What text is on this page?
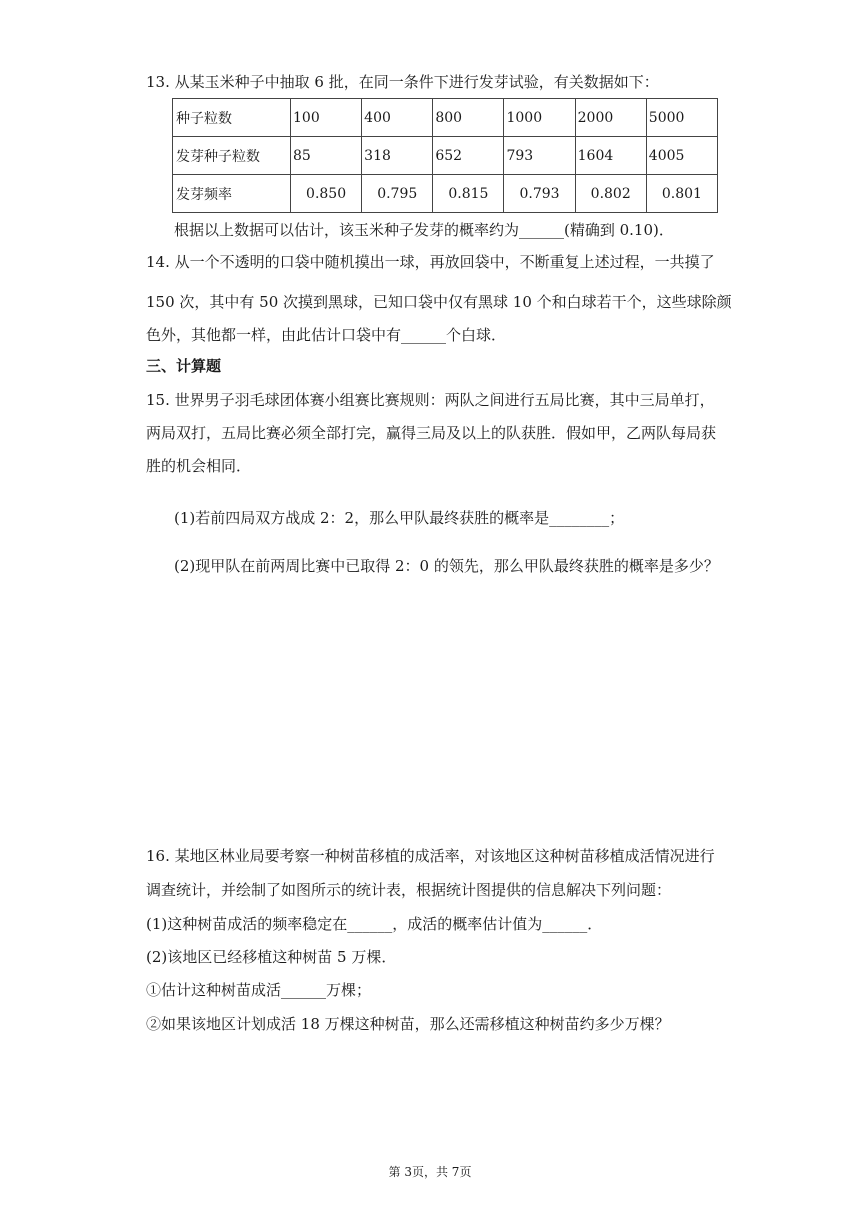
13. 从某玉米种子中抽取 6 批，在同一条件下进行发芽试验，有关数据如下：
种子粒数	100	400	800	1000	2000	5000
发芽种子粒数	85	318	652	793	1604	4005
发芽频率	0.850	0.795	0.815	0.793	0.802	0.801
根据以上数据可以估计，该玉米种子发芽的概率约为______(精确到 0.10)．
14. 从一个不透明的口袋中随机摸出一球，再放回袋中，不断重复上述过程，一共摸了
150 次，其中有 50 次摸到黑球，已知口袋中仅有黑球 10 个和白球若干个，这些球除颜
色外，其他都一样，由此估计口袋中有______个白球．
三、计算题
15. 世界男子羽毛球团体赛小组赛比赛规则：两队之间进行五局比赛，其中三局单打，
两局双打，五局比赛必须全部打完，赢得三局及以上的队获胜．假如甲，乙两队每局获
胜的机会相同．
(1)若前四局双方战成 2：2，那么甲队最终获胜的概率是________；
(2)现甲队在前两周比赛中已取得 2：0 的领先，那么甲队最终获胜的概率是多少？
16. 某地区林业局要考察一种树苗移植的成活率，对该地区这种树苗移植成活情况进行
调查统计，并绘制了如图所示的统计表，根据统计图提供的信息解决下列问题：
(1)这种树苗成活的频率稳定在______，成活的概率估计值为______．
(2)该地区已经移植这种树苗 5 万棵．
①估计这种树苗成活______万棵；
②如果该地区计划成活 18 万棵这种树苗，那么还需移植这种树苗约多少万棵？
第 3页，共 7页
